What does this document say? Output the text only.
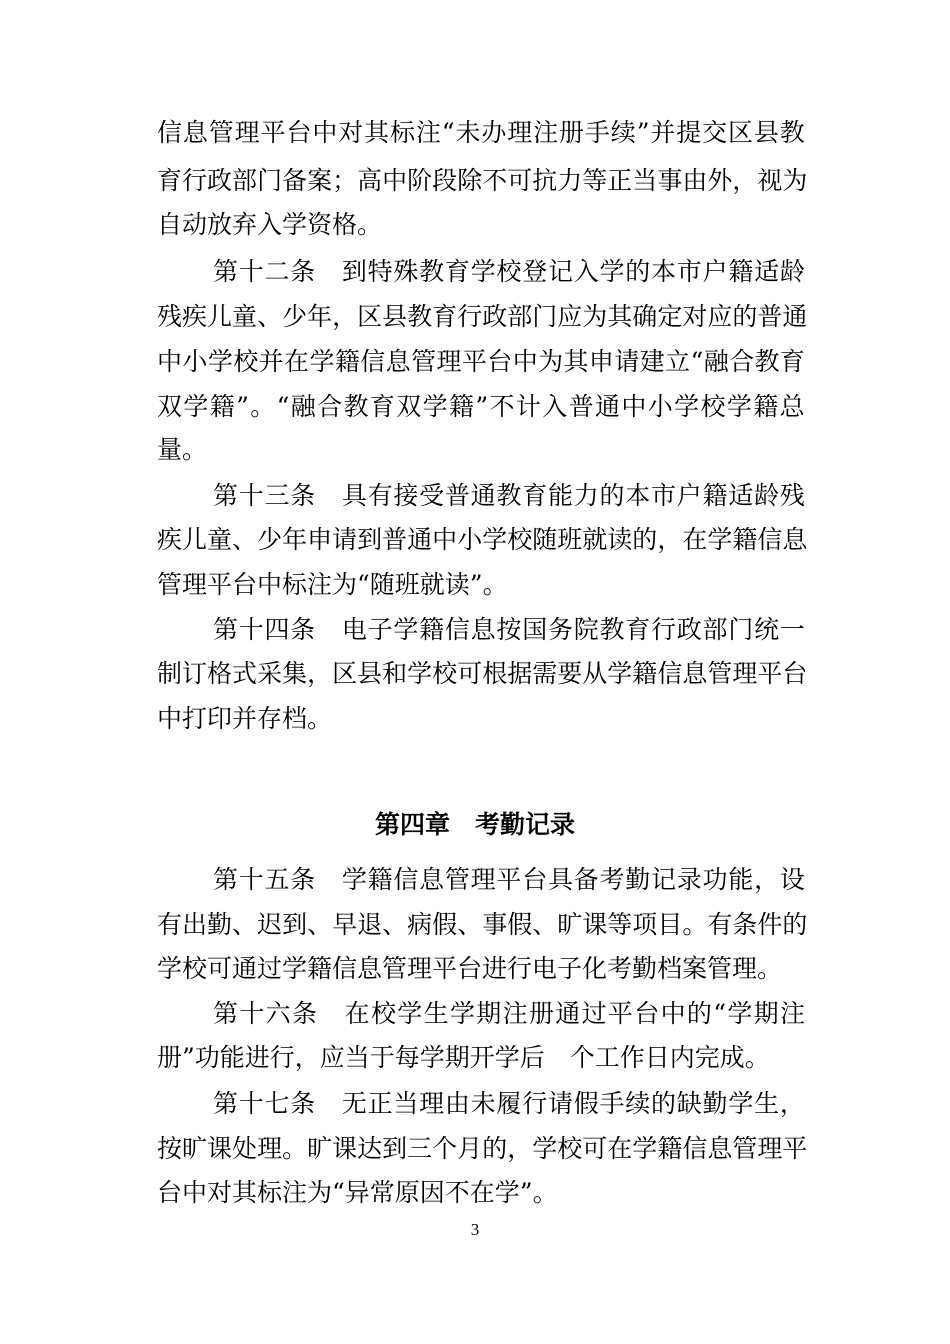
信 息 管 理 平 台 中 对 其 标 注 “ 未 办 理 注 册 手 续 ” 并 提 交 区 县 教
育 行 政 部 门 备 案 ； 高 中 阶 段 除 不 可 抗 力 等 正 当 事 由 外 ， 视 为
自动放弃入学资格。
第 十 二 条
　 到 特 殊 教 育 学 校 登 记 入 学 的 本 市 户 籍 适 龄
残 疾 儿 童 、 少 年 ， 区 县 教 育 行 政 部 门 应 为 其 确 定 对 应 的 普 通
中 小 学 校 并 在 学 籍 信 息 管 理 平 台 中 为 其 申 请 建 立 “ 融 合 教 育
双 学 籍 ” 。 “ 融 合 教 育 双 学 籍 ” 不 计 入 普 通 中 小 学 校 学 籍 总
量。
第 十 三 条
　 具 有 接 受 普 通 教 育 能 力 的 本 市 户 籍 适 龄 残
疾 儿 童 、 少 年 申 请 到 普 通 中 小 学 校 随 班 就 读 的 ， 在 学 籍 信 息
管理平台中标注为“随班就读”。
第 十 四 条
　 电 子 学 籍 信 息 按 国 务 院 教 育 行 政 部 门 统 一
制 订 格 式 采 集 ， 区 县 和 学 校 可 根 据 需 要 从 学 籍 信 息 管 理 平 台
中打印并存档。
第四章　考勤记录
第 十 五 条
　 学 籍 信 息 管 理 平 台 具 备 考 勤 记 录 功 能 ， 设
有 出 勤 、 迟 到 、 早 退 、 病 假 、 事 假 、 旷 课 等 项 目 。 有 条 件 的
学校可通过学籍信息管理平台进行电子化考勤档案管理。
第 十 六 条
　 在 校 学 生 学 期 注 册 通 过 平 台 中 的 “ 学 期 注
册”功能进行，应当于每学期开学后　个工作日内完成。
第 十 七 条
　 无 正 当 理 由 未 履 行 请 假 手 续 的 缺 勤 学 生 ，
按 旷 课 处 理 。 旷 课 达 到 三 个 月 的 ， 学 校 可 在 学 籍 信 息 管 理 平
台中对其标注为“异常原因不在学”。
3
